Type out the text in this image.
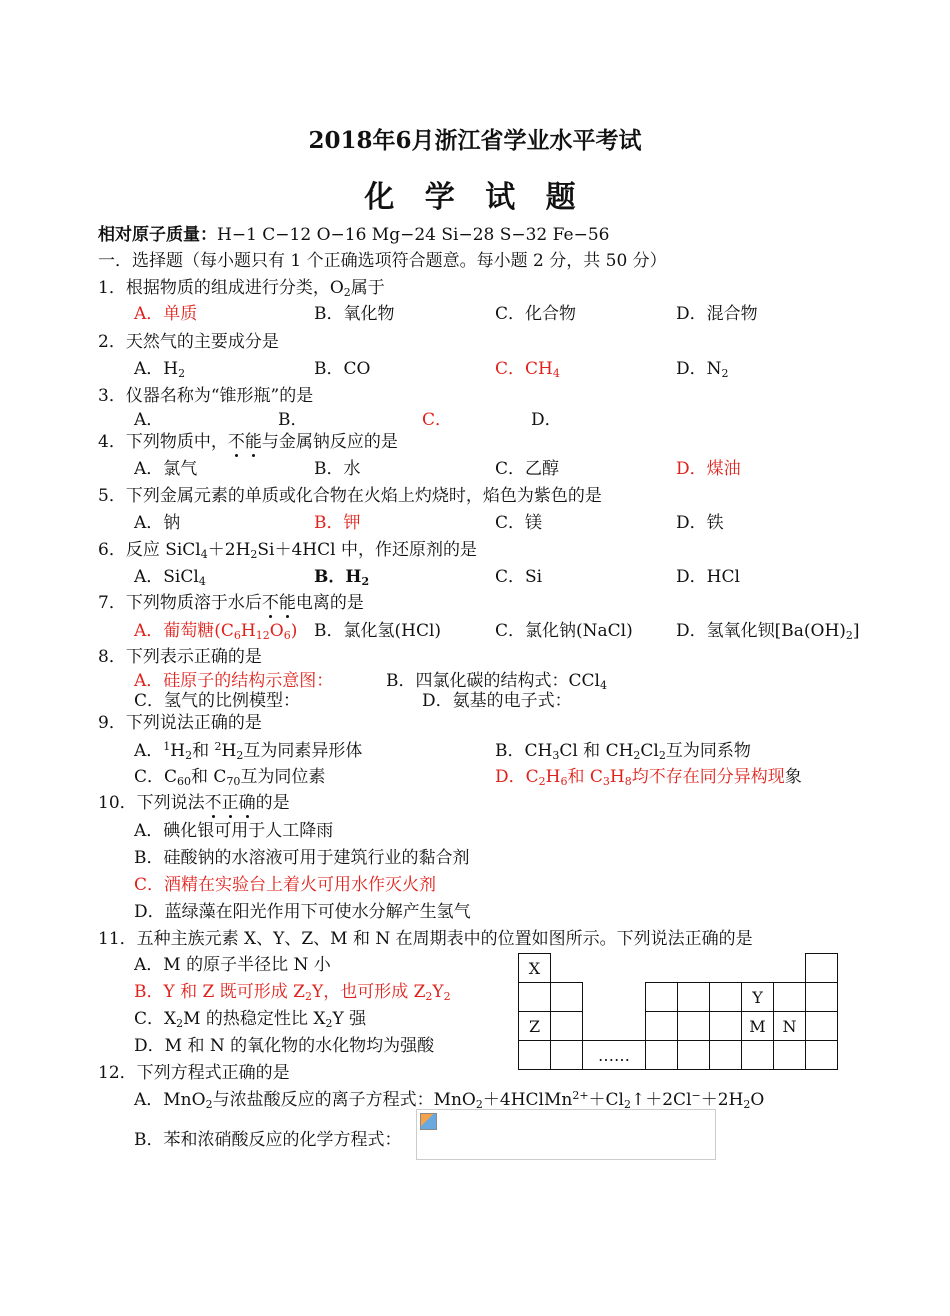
2018年6月浙江省学业水平考试
化 学 试 题
相对原子质量：H−1 C−12 O−16 Mg−24 Si−28 S−32 Fe−56
一．选择题（每小题只有 1 个正确选项符合题意。每小题 2 分，共 50 分）
1．根据物质的组成进行分类，$O_2$属于
A．单质	B．氧化物	C．化合物	D．混合物
2．天然气的主要成分是
A．$H_2$	B．CO	C．$CH_4$	D．$N_2$
3．仪器名称为“锥形瓶”的是
A．	B．	C．	D．
4．下列物质中，不能与金属钠反应的是
A．氯气	B．水	C．乙醇	D．煤油
5．下列金属元素的单质或化合物在火焰上灼烧时，焰色为紫色的是
A．钠	B．钾	C．镁	D．铁
6．反应 $SiCl_4+2H_2Si+4HCl$ 中，作还原剂的是
A．SiCl$_4$	B．$H_2$	C．Si	D．HCl
7．下列物质溶于水后不能电离的是
A．葡萄糖$(C_6H_{12}O_6)$ B．氯化氢(HCl)	C．氯化钠(NaCl)	D．氢氧化钡$[Ba(OH)_2]$
8．下列表示正确的是
A．硅原子的结构示意图：	B．四氯化碳的结构式：CCl$_4$
C．氢气的比例模型：	D．氨基的电子式：
9．下列说法正确的是
A．$^1H_2$和 $^2H_2$互为同素异形体	B．$CH_3Cl$ 和 $CH_2Cl_2$互为同系物
C．$C_{60}$和 $C_{70}$互为同位素	D．$C_2H_6$和 $C_3H_8$均不存在同分异构现象
10．下列说法不正确的是
A．碘化银可用于人工降雨
B．硅酸钠的水溶液可用于建筑行业的黏合剂
C．酒精在实验台上着火可用水作灭火剂
D．蓝绿藻在阳光作用下可使水分解产生氢气
11．五种主族元素 X、Y、Z、M 和 N 在周期表中的位置如图所示。下列说法正确的是
A．M 的原子半径比 N 小
B．Y 和 Z 既可形成 $Z_2Y$，也可形成 $Z_2Y_2$
C．$X_2M$ 的热稳定性比 $X_2Y$ 强
D．M 和 N 的氧化物的水化物均为强酸
X									
							Y		
Z							M	N	
		……							
12．下列方程式正确的是
A．MnO$_2$与浓盐酸反应的离子方程式：$MnO_2+4HClMn^{2+}+Cl_2↑+2Cl^-+2H_2O$
B．苯和浓硝酸反应的化学方程式：
